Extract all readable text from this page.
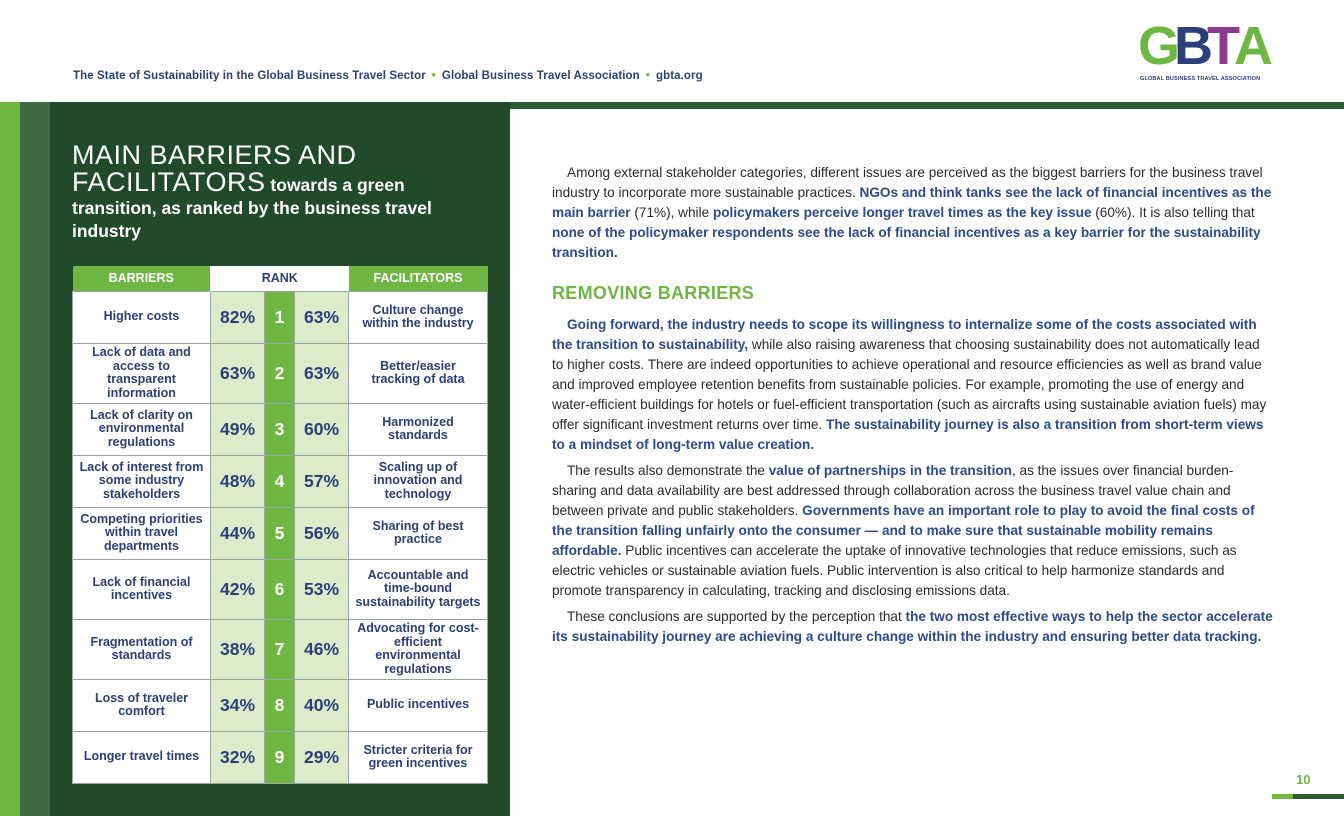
The State of Sustainability in the Global Business Travel Sector • Global Business Travel Association • gbta.org	GBTA
GLOBAL BUSINESS TRAVEL ASSOCIATION
MAIN BARRIERS AND FACILITATORS towards a green transition, as ranked by the business travel industry
BARRIERS	RANK			FACILITATORS
Higher costs	82%	1	63%	Culture change within the industry
Lack of data and access to transparent information	63%	2	63%	Better/easier tracking of data
Lack of clarity on environmental regulations	49%	3	60%	Harmonized standards
Lack of interest from some industry stakeholders	48%	4	57%	Scaling up of innovation and technology
Competing priorities within travel departments	44%	5	56%	Sharing of best practice
Lack of financial incentives	42%	6	53%	Accountable and time-bound sustainability targets
Fragmentation of standards	38%	7	46%	Advocating for cost-efficient environmental regulations
Loss of traveler comfort	34%	8	40%	Public incentives
Longer travel times	32%	9	29%	Stricter criteria for green incentives

Among external stakeholder categories, different issues are perceived as the biggest barriers for the business travel industry to incorporate more sustainable practices. NGOs and think tanks see the lack of financial incentives as the main barrier (71%), while policymakers perceive longer travel times as the key issue (60%). It is also telling that none of the policymaker respondents see the lack of financial incentives as a key barrier for the sustainability transition.

REMOVING BARRIERS

Going forward, the industry needs to scope its willingness to internalize some of the costs associated with the transition to sustainability, while also raising awareness that choosing sustainability does not automatically lead to higher costs. There are indeed opportunities to achieve operational and resource efficiencies as well as brand value and improved employee retention benefits from sustainable policies. For example, promoting the use of energy and water-efficient buildings for hotels or fuel-efficient transportation (such as aircrafts using sustainable aviation fuels) may offer significant investment returns over time. The sustainability journey is also a transition from short-term views to a mindset of long-term value creation.

The results also demonstrate the value of partnerships in the transition, as the issues over financial burden-sharing and data availability are best addressed through collaboration across the business travel value chain and between private and public stakeholders. Governments have an important role to play to avoid the final costs of the transition falling unfairly onto the consumer — and to make sure that sustainable mobility remains affordable. Public incentives can accelerate the uptake of innovative technologies that reduce emissions, such as electric vehicles or sustainable aviation fuels. Public intervention is also critical to help harmonize standards and promote transparency in calculating, tracking and disclosing emissions data.

These conclusions are supported by the perception that the two most effective ways to help the sector accelerate its sustainability journey are achieving a culture change within the industry and ensuring better data tracking.

10
